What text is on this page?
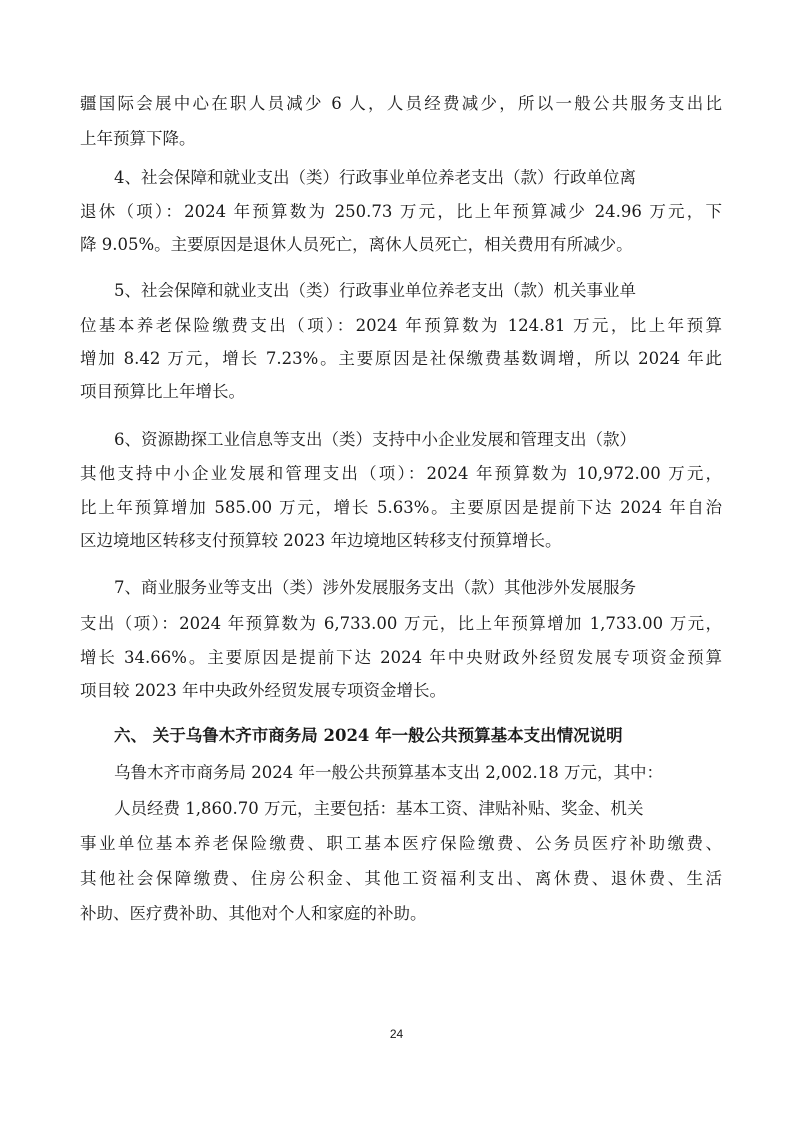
疆国际会展中心在职人员减少 6 人，人员经费减少，所以一般公共服务支出比
上年预算下降。
4、社会保障和就业支出（类）行政事业单位养老支出（款）行政单位离
退休（项）：2024 年预算数为 250.73 万元，比上年预算减少 24.96 万元，下
降 9.05%。主要原因是退休人员死亡，离休人员死亡，相关费用有所减少。
5、社会保障和就业支出（类）行政事业单位养老支出（款）机关事业单
位基本养老保险缴费支出（项）：2024 年预算数为 124.81 万元，比上年预算
增加 8.42 万元，增长 7.23%。主要原因是社保缴费基数调增，所以 2024 年此
项目预算比上年增长。
6、资源勘探工业信息等支出（类）支持中小企业发展和管理支出（款）
其他支持中小企业发展和管理支出（项）：2024 年预算数为 10,972.00 万元，
比上年预算增加 585.00 万元，增长 5.63%。主要原因是提前下达 2024 年自治
区边境地区转移支付预算较 2023 年边境地区转移支付预算增长。
7、商业服务业等支出（类）涉外发展服务支出（款）其他涉外发展服务
支出（项）：2024 年预算数为 6,733.00 万元，比上年预算增加 1,733.00 万元，
增长 34.66%。主要原因是提前下达 2024 年中央财政外经贸发展专项资金预算
项目较 2023 年中央政外经贸发展专项资金增长。
六、 关于乌鲁木齐市商务局 2024 年一般公共预算基本支出情况说明
乌鲁木齐市商务局 2024 年一般公共预算基本支出 2,002.18 万元，其中：
人员经费 1,860.70 万元，主要包括：基本工资、津贴补贴、奖金、机关
事业单位基本养老保险缴费、职工基本医疗保险缴费、公务员医疗补助缴费、
其他社会保障缴费、住房公积金、其他工资福利支出、离休费、退休费、生活
补助、医疗费补助、其他对个人和家庭的补助。
24
